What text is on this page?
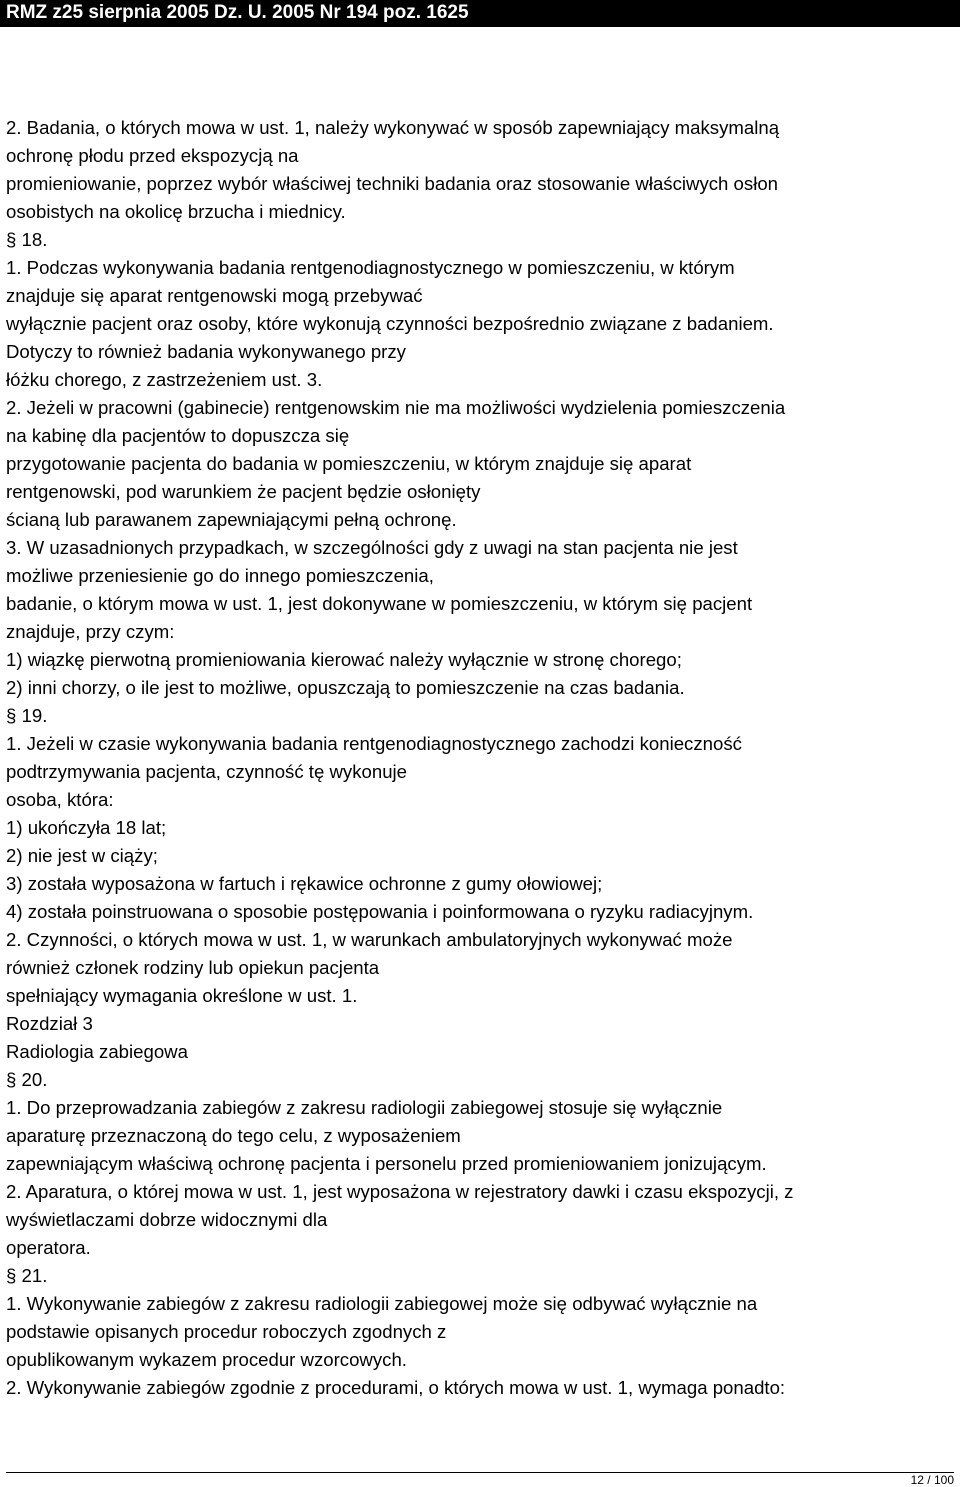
RMZ z25 sierpnia 2005 Dz. U. 2005 Nr 194 poz. 1625
2. Badania, o których mowa w ust. 1, należy wykonywać w sposób zapewniający maksymalną
ochronę płodu przed ekspozycją na
promieniowanie, poprzez wybór właściwej techniki badania oraz stosowanie właściwych osłon
osobistych na okolicę brzucha i miednicy.
§ 18.
1. Podczas wykonywania badania rentgenodiagnostycznego w pomieszczeniu, w którym
znajduje się aparat rentgenowski mogą przebywać
wyłącznie pacjent oraz osoby, które wykonują czynności bezpośrednio związane z badaniem.
Dotyczy to również badania wykonywanego przy
łóżku chorego, z zastrzeżeniem ust. 3.
2. Jeżeli w pracowni (gabinecie) rentgenowskim nie ma możliwości wydzielenia pomieszczenia
na kabinę dla pacjentów to dopuszcza się
przygotowanie pacjenta do badania w pomieszczeniu, w którym znajduje się aparat
rentgenowski, pod warunkiem że pacjent będzie osłonięty
ścianą lub parawanem zapewniającymi pełną ochronę.
3. W uzasadnionych przypadkach, w szczególności gdy z uwagi na stan pacjenta nie jest
możliwe przeniesienie go do innego pomieszczenia,
badanie, o którym mowa w ust. 1, jest dokonywane w pomieszczeniu, w którym się pacjent
znajduje, przy czym:
1) wiązkę pierwotną promieniowania kierować należy wyłącznie w stronę chorego;
2) inni chorzy, o ile jest to możliwe, opuszczają to pomieszczenie na czas badania.
§ 19.
1. Jeżeli w czasie wykonywania badania rentgenodiagnostycznego zachodzi konieczność
podtrzymywania pacjenta, czynność tę wykonuje
osoba, która:
1) ukończyła 18 lat;
2) nie jest w ciąży;
3) została wyposażona w fartuch i rękawice ochronne z gumy ołowiowej;
4) została poinstruowana o sposobie postępowania i poinformowana o ryzyku radiacyjnym.
2. Czynności, o których mowa w ust. 1, w warunkach ambulatoryjnych wykonywać może
również członek rodziny lub opiekun pacjenta
spełniający wymagania określone w ust. 1.
Rozdział 3
Radiologia zabiegowa
§ 20.
1. Do przeprowadzania zabiegów z zakresu radiologii zabiegowej stosuje się wyłącznie
aparaturę przeznaczoną do tego celu, z wyposażeniem
zapewniającym właściwą ochronę pacjenta i personelu przed promieniowaniem jonizującym.
2. Aparatura, o której mowa w ust. 1, jest wyposażona w rejestratory dawki i czasu ekspozycji, z
wyświetlaczami dobrze widocznymi dla
operatora.
§ 21.
1. Wykonywanie zabiegów z zakresu radiologii zabiegowej może się odbywać wyłącznie na
podstawie opisanych procedur roboczych zgodnych z
opublikowanym wykazem procedur wzorcowych.
2. Wykonywanie zabiegów zgodnie z procedurami, o których mowa w ust. 1, wymaga ponadto:
12 / 100
